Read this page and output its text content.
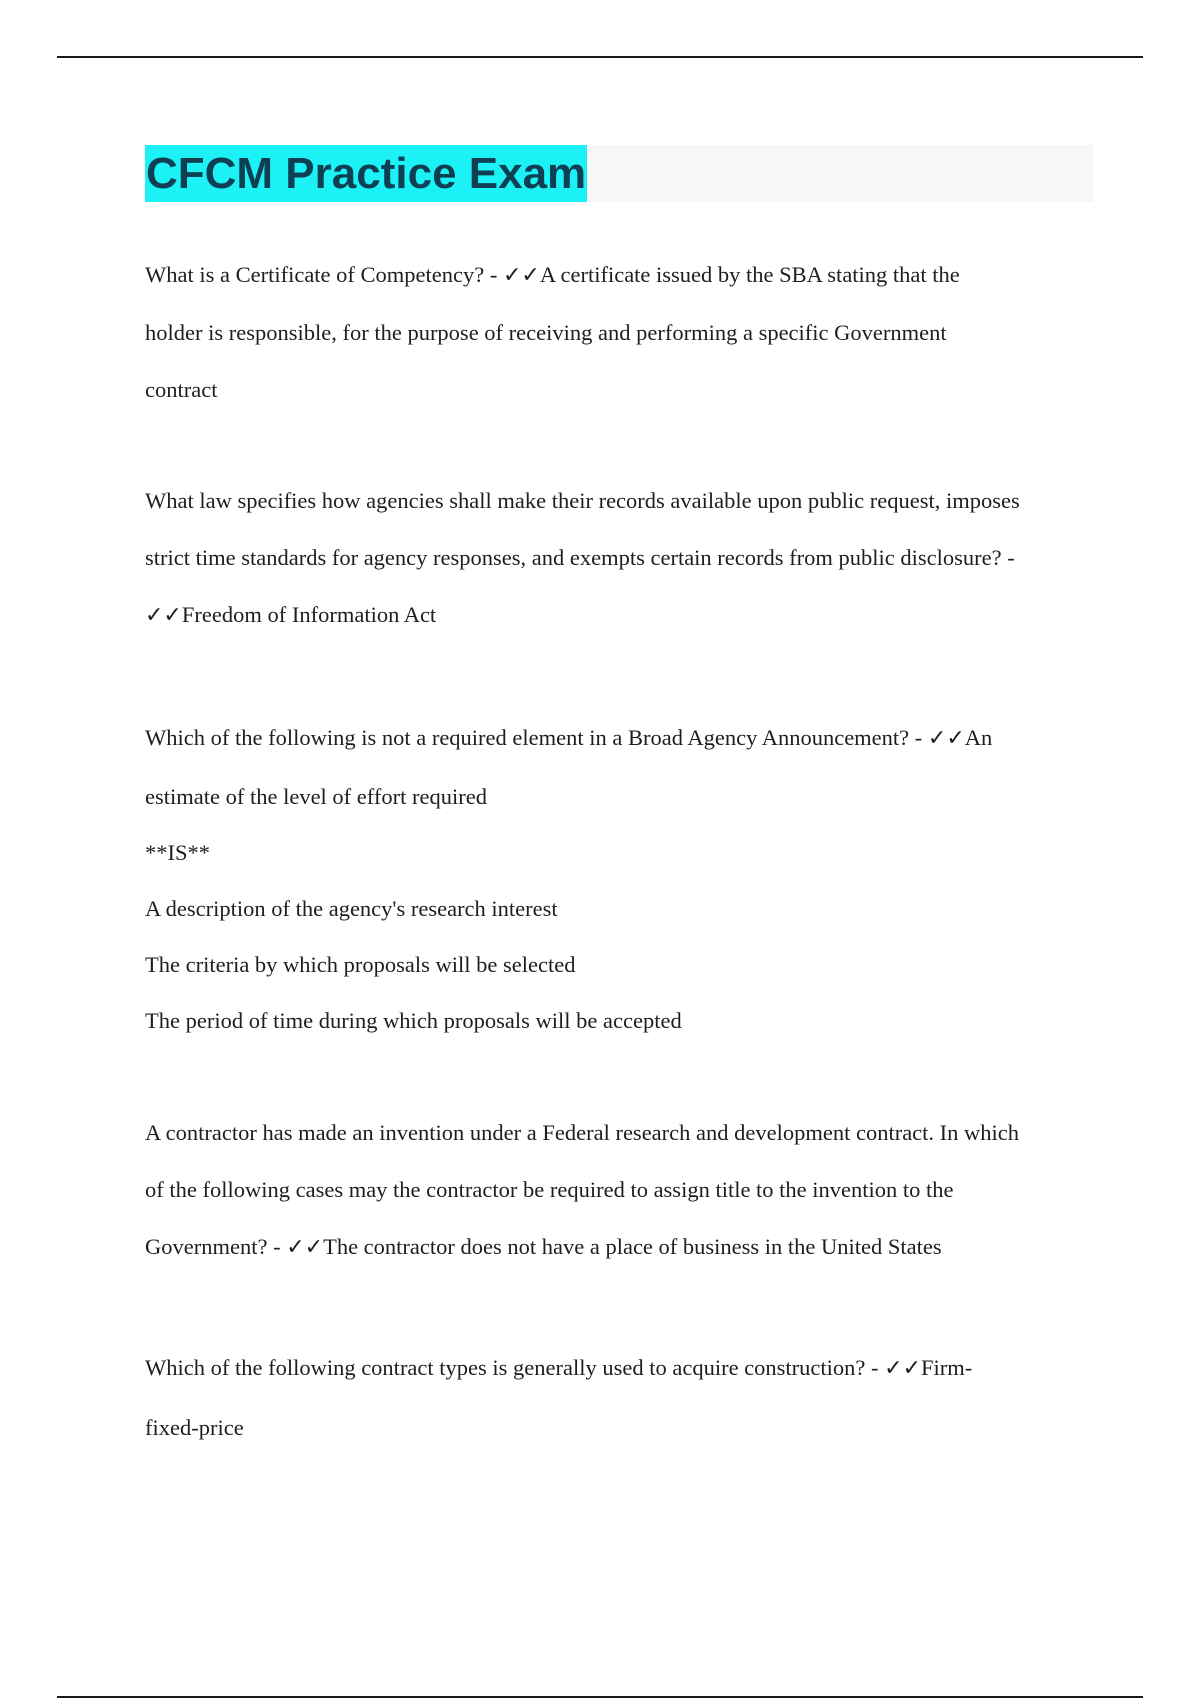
CFCM Practice Exam
What is a Certificate of Competency? - ✓✓A certificate issued by the SBA stating that the
holder is responsible, for the purpose of receiving and performing a specific Government
contract
What law specifies how agencies shall make their records available upon public request, imposes
strict time standards for agency responses, and exempts certain records from public disclosure? -
✓✓Freedom of Information Act
Which of the following is not a required element in a Broad Agency Announcement? - ✓✓An
estimate of the level of effort required
**IS**
A description of the agency's research interest
The criteria by which proposals will be selected
The period of time during which proposals will be accepted
A contractor has made an invention under a Federal research and development contract. In which
of the following cases may the contractor be required to assign title to the invention to the
Government? - ✓✓The contractor does not have a place of business in the United States
Which of the following contract types is generally used to acquire construction? - ✓✓Firm-
fixed-price
